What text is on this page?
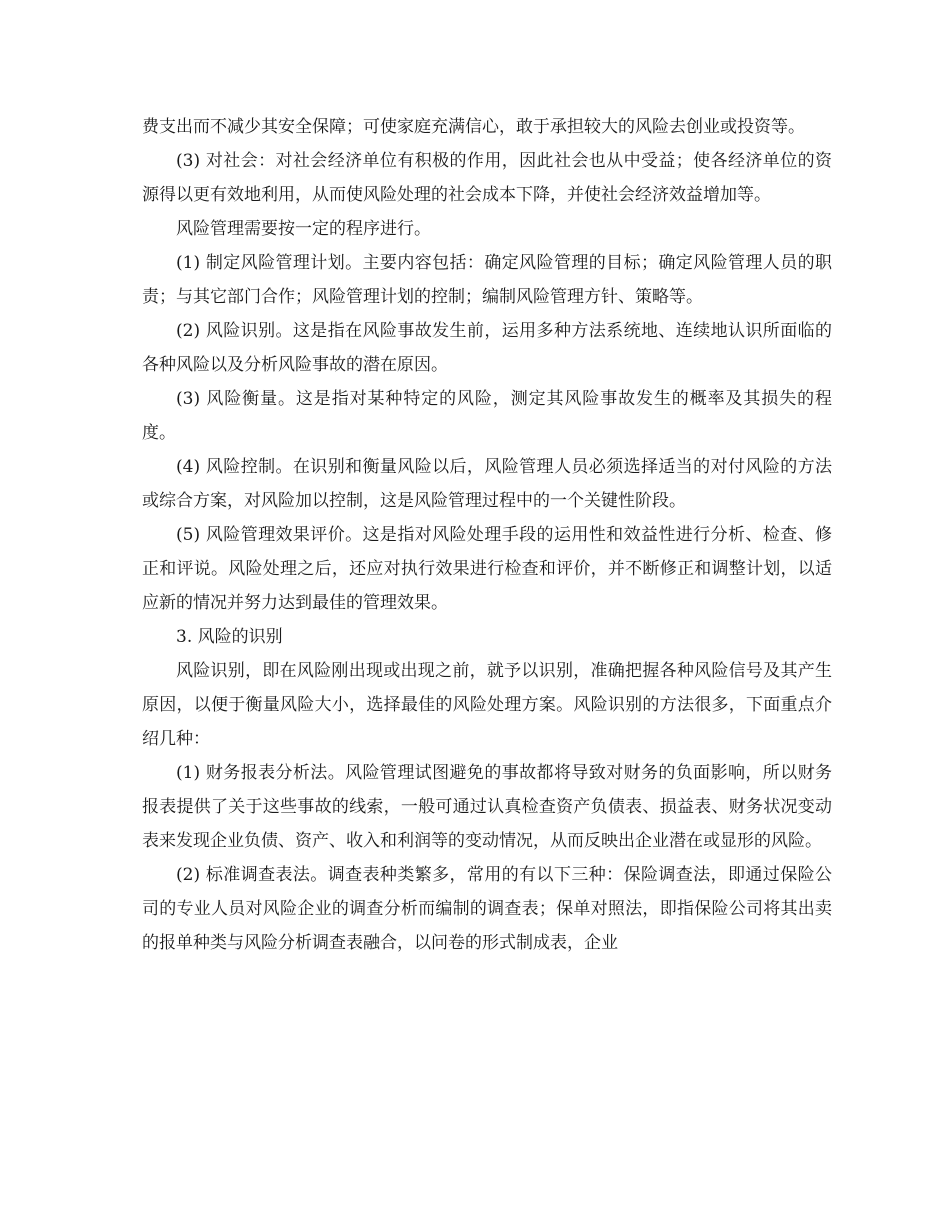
费支出而不减少其安全保障；可使家庭充满信心，敢于承担较大的风险去创业或投资等。

(3) 对社会：对社会经济单位有积极的作用，因此社会也从中受益；使各经济单位的资源得以更有效地利用，从而使风险处理的社会成本下降，并使社会经济效益增加等。

风险管理需要按一定的程序进行。

(1) 制定风险管理计划。主要内容包括：确定风险管理的目标；确定风险管理人员的职责；与其它部门合作；风险管理计划的控制；编制风险管理方针、策略等。

(2) 风险识别。这是指在风险事故发生前，运用多种方法系统地、连续地认识所面临的各种风险以及分析风险事故的潜在原因。

(3) 风险衡量。这是指对某种特定的风险，测定其风险事故发生的概率及其损失的程度。

(4) 风险控制。在识别和衡量风险以后，风险管理人员必须选择适当的对付风险的方法或综合方案，对风险加以控制，这是风险管理过程中的一个关键性阶段。

(5) 风险管理效果评价。这是指对风险处理手段的运用性和效益性进行分析、检查、修正和评说。风险处理之后，还应对执行效果进行检查和评价，并不断修正和调整计划，以适应新的情况并努力达到最佳的管理效果。

3. 风险的识别

风险识别，即在风险刚出现或出现之前，就予以识别，准确把握各种风险信号及其产生原因，以便于衡量风险大小，选择最佳的风险处理方案。风险识别的方法很多，下面重点介绍几种：

(1) 财务报表分析法。风险管理试图避免的事故都将导致对财务的负面影响，所以财务报表提供了关于这些事故的线索，一般可通过认真检查资产负债表、损益表、财务状况变动表来发现企业负债、资产、收入和利润等的变动情况，从而反映出企业潜在或显形的风险。

(2) 标准调查表法。调查表种类繁多，常用的有以下三种：保险调查法，即通过保险公司的专业人员对风险企业的调查分析而编制的调查表；保单对照法，即指保险公司将其出卖的报单种类与风险分析调查表融合，以问卷的形式制成表，企业
